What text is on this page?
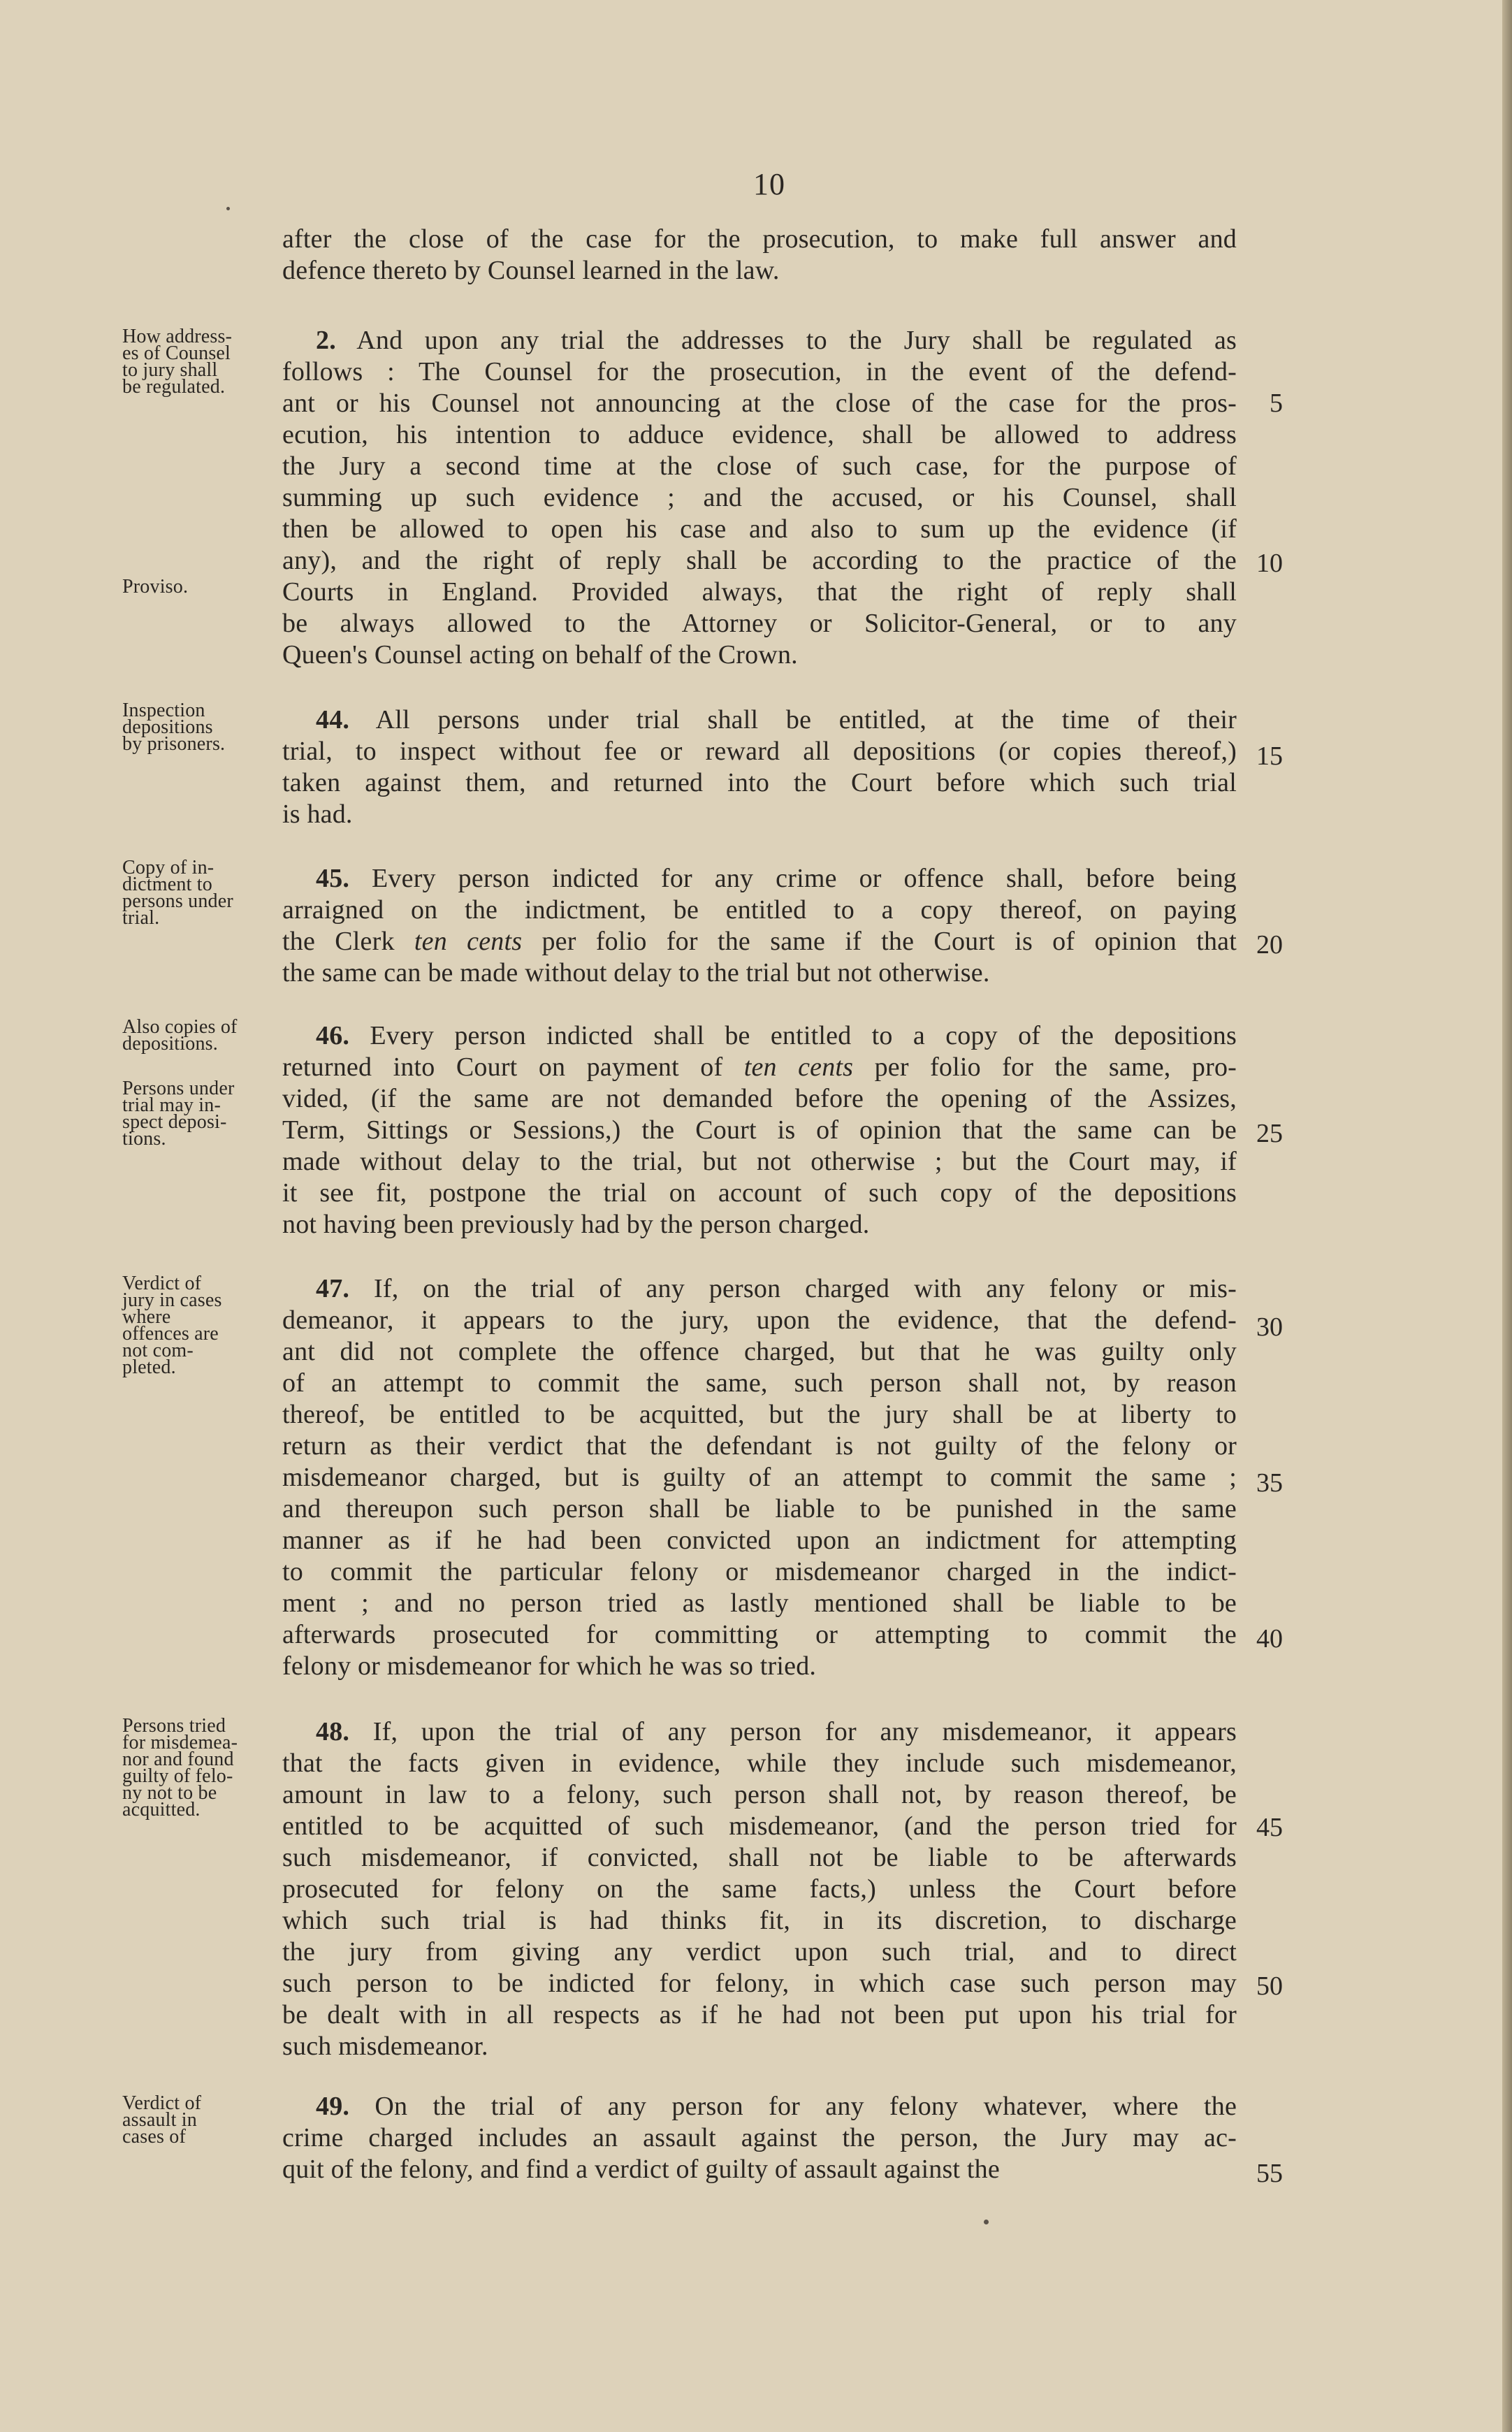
10
after the close of the case for the prosecution, to make full answer and
defence thereto by Counsel learned in the law.
2. And upon any trial the addresses to the Jury shall be regulated as
follows : The Counsel for the prosecution, in the event of the defend-
ant or his Counsel not announcing at the close of the case for the pros-
ecution, his intention to adduce evidence, shall be allowed to address
the Jury a second time at the close of such case, for the purpose of
summing up such evidence ; and the accused, or his Counsel, shall
then be allowed to open his case and also to sum up the evidence (if
any), and the right of reply shall be according to the practice of the
Courts in England. Provided always, that the right of reply shall
be always allowed to the Attorney or Solicitor-General, or to any
Queen's Counsel acting on behalf of the Crown.
44. All persons under trial shall be entitled, at the time of their
trial, to inspect without fee or reward all depositions (or copies thereof,)
taken against them, and returned into the Court before which such trial
is had.
45. Every person indicted for any crime or offence shall, before being
arraigned on the indictment, be entitled to a copy thereof, on paying
the Clerk ten cents per folio for the same if the Court is of opinion that
the same can be made without delay to the trial but not otherwise.
46. Every person indicted shall be entitled to a copy of the depositions
returned into Court on payment of ten cents per folio for the same, pro-
vided, (if the same are not demanded before the opening of the Assizes,
Term, Sittings or Sessions,) the Court is of opinion that the same can be
made without delay to the trial, but not otherwise ; but the Court may, if
it see fit, postpone the trial on account of such copy of the depositions
not having been previously had by the person charged.
47. If, on the trial of any person charged with any felony or mis-
demeanor, it appears to the jury, upon the evidence, that the defend-
ant did not complete the offence charged, but that he was guilty only
of an attempt to commit the same, such person shall not, by reason
thereof, be entitled to be acquitted, but the jury shall be at liberty to
return as their verdict that the defendant is not guilty of the felony or
misdemeanor charged, but is guilty of an attempt to commit the same ;
and thereupon such person shall be liable to be punished in the same
manner as if he had been convicted upon an indictment for attempting
to commit the particular felony or misdemeanor charged in the indict-
ment ; and no person tried as lastly mentioned shall be liable to be
afterwards prosecuted for committing or attempting to commit the
felony or misdemeanor for which he was so tried.
48. If, upon the trial of any person for any misdemeanor, it appears
that the facts given in evidence, while they include such misdemeanor,
amount in law to a felony, such person shall not, by reason thereof, be
entitled to be acquitted of such misdemeanor, (and the person tried for
such misdemeanor, if convicted, shall not be liable to be afterwards
prosecuted for felony on the same facts,) unless the Court before
which such trial is had thinks fit, in its discretion, to discharge
the jury from giving any verdict upon such trial, and to direct
such person to be indicted for felony, in which case such person may
be dealt with in all respects as if he had not been put upon his trial for
such misdemeanor.
49. On the trial of any person for any felony whatever, where the
crime charged includes an assault against the person, the Jury may ac-
quit of the felony, and find a verdict of guilty of assault against the
How address-
es of Counsel
to jury shall
be regulated.
Proviso.
Inspection
depositions
by prisoners.
Copy of in-
dictment to
persons under
trial.
Also copies of
depositions.
Persons under
trial may in-
spect deposi-
tions.
Verdict of
jury in cases
where
offences are
not com-
pleted.
Persons tried
for misdemea-
nor and found
guilty of felo-
ny not to be
acquitted.
Verdict of
assault in
cases of
5
10
15
20
25
30
35
40
45
50
55
